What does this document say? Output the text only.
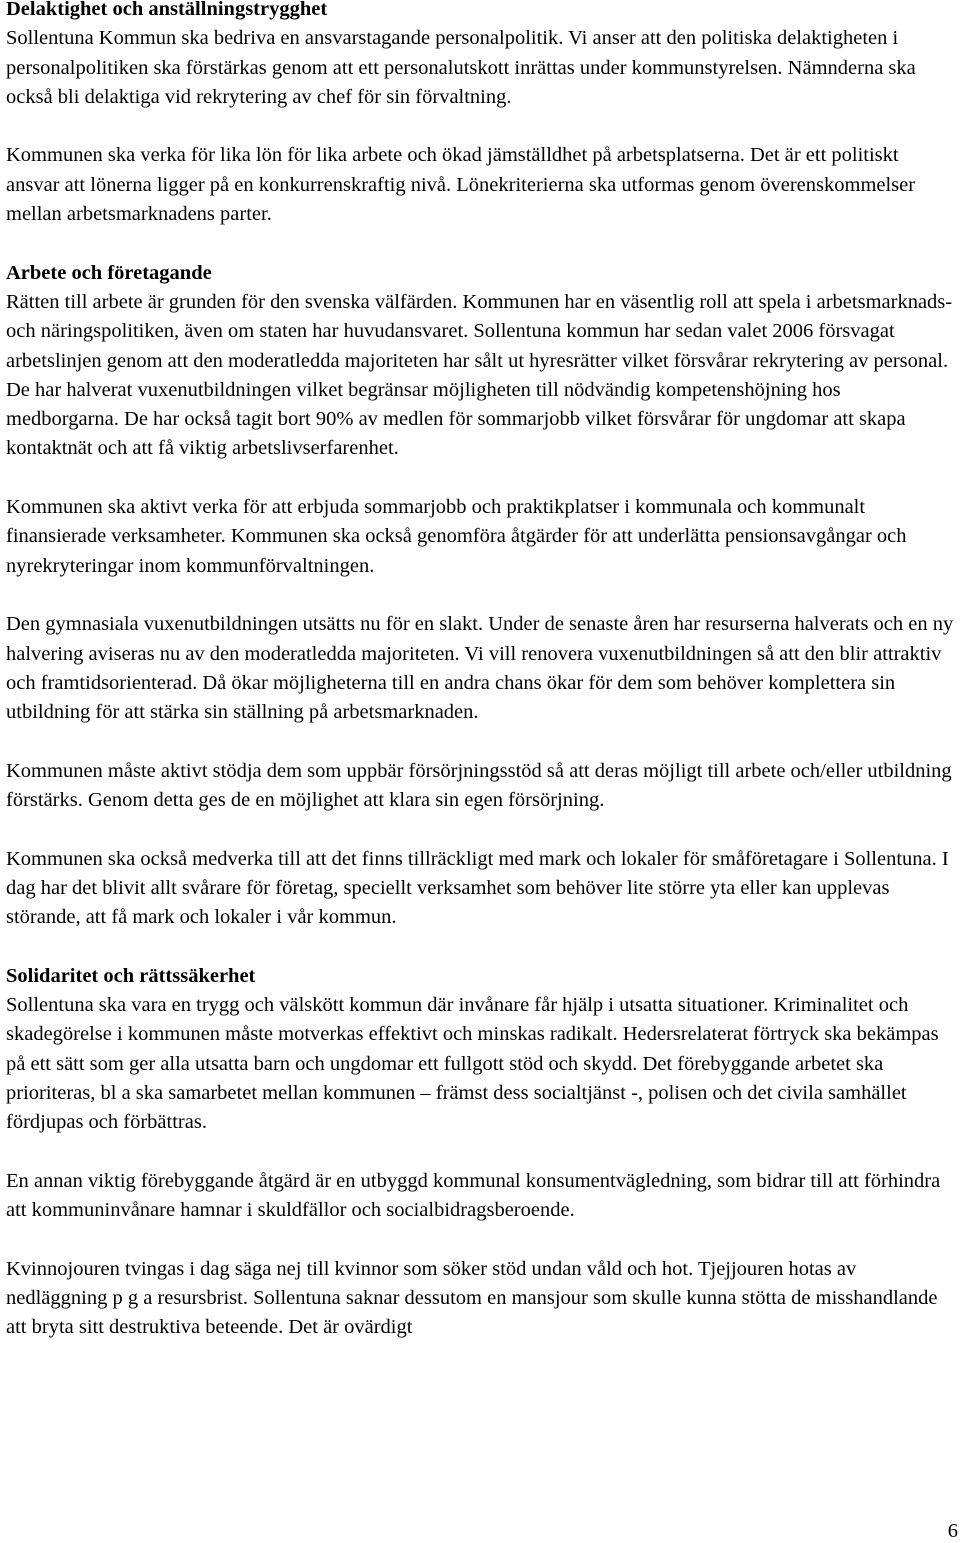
Delaktighet och anställningstrygghet

Sollentuna Kommun ska bedriva en ansvarstagande personalpolitik. Vi anser att den politiska delaktigheten i personalpolitiken ska förstärkas genom att ett personalutskott inrättas under kommunstyrelsen. Nämnderna ska också bli delaktiga vid rekrytering av chef för sin förvaltning.

Kommunen ska verka för lika lön för lika arbete och ökad jämställdhet på arbetsplatserna. Det är ett politiskt ansvar att lönerna ligger på en konkurrenskraftig nivå. Lönekriterierna ska utformas genom överenskommelser mellan arbetsmarknadens parter.

Arbete och företagande

Rätten till arbete är grunden för den svenska välfärden. Kommunen har en väsentlig roll att spela i arbetsmarknads- och näringspolitiken, även om staten har huvudansvaret. Sollentuna kommun har sedan valet 2006 försvagat arbetslinjen genom att den moderatledda majoriteten har sålt ut hyresrätter vilket försvårar rekrytering av personal. De har halverat vuxenutbildningen vilket begränsar möjligheten till nödvändig kompetenshöjning hos medborgarna. De har också tagit bort 90% av medlen för sommarjobb vilket försvårar för ungdomar att skapa kontaktnät och att få viktig arbetslivserfarenhet.

Kommunen ska aktivt verka för att erbjuda sommarjobb och praktikplatser i kommunala och kommunalt finansierade verksamheter. Kommunen ska också genomföra åtgärder för att underlätta pensionsavgångar och nyrekryteringar inom kommunförvaltningen.

Den gymnasiala vuxenutbildningen utsätts nu för en slakt. Under de senaste åren har resurserna halverats och en ny halvering aviseras nu av den moderatledda majoriteten. Vi vill renovera vuxenutbildningen så att den blir attraktiv och framtidsorienterad. Då ökar möjligheterna till en andra chans ökar för dem som behöver komplettera sin utbildning för att stärka sin ställning på arbetsmarknaden.

Kommunen måste aktivt stödja dem som uppbär försörjningsstöd så att deras möjligt till arbete och/eller utbildning förstärks. Genom detta ges de en möjlighet att klara sin egen försörjning.

Kommunen ska också medverka till att det finns tillräckligt med mark och lokaler för småföretagare i Sollentuna. I dag har det blivit allt svårare för företag, speciellt verksamhet som behöver lite större yta eller kan upplevas störande, att få mark och lokaler i vår kommun.

Solidaritet och rättssäkerhet

Sollentuna ska vara en trygg och välskött kommun där invånare får hjälp i utsatta situationer. Kriminalitet och skadegörelse i kommunen måste motverkas effektivt och minskas radikalt. Hedersrelaterat förtryck ska bekämpas på ett sätt som ger alla utsatta barn och ungdomar ett fullgott stöd och skydd. Det förebyggande arbetet ska prioriteras, bl a ska samarbetet mellan kommunen – främst dess socialtjänst -, polisen och det civila samhället fördjupas och förbättras.

En annan viktig förebyggande åtgärd är en utbyggd kommunal konsumentvägledning, som bidrar till att förhindra att kommuninvånare hamnar i skuldfällor och socialbidragsberoende.

Kvinnojouren tvingas i dag säga nej till kvinnor som söker stöd undan våld och hot. Tjejjouren hotas av nedläggning p g a resursbrist. Sollentuna saknar dessutom en mansjour som skulle kunna stötta de misshandlande att bryta sitt destruktiva beteende. Det är ovärdigt

6
